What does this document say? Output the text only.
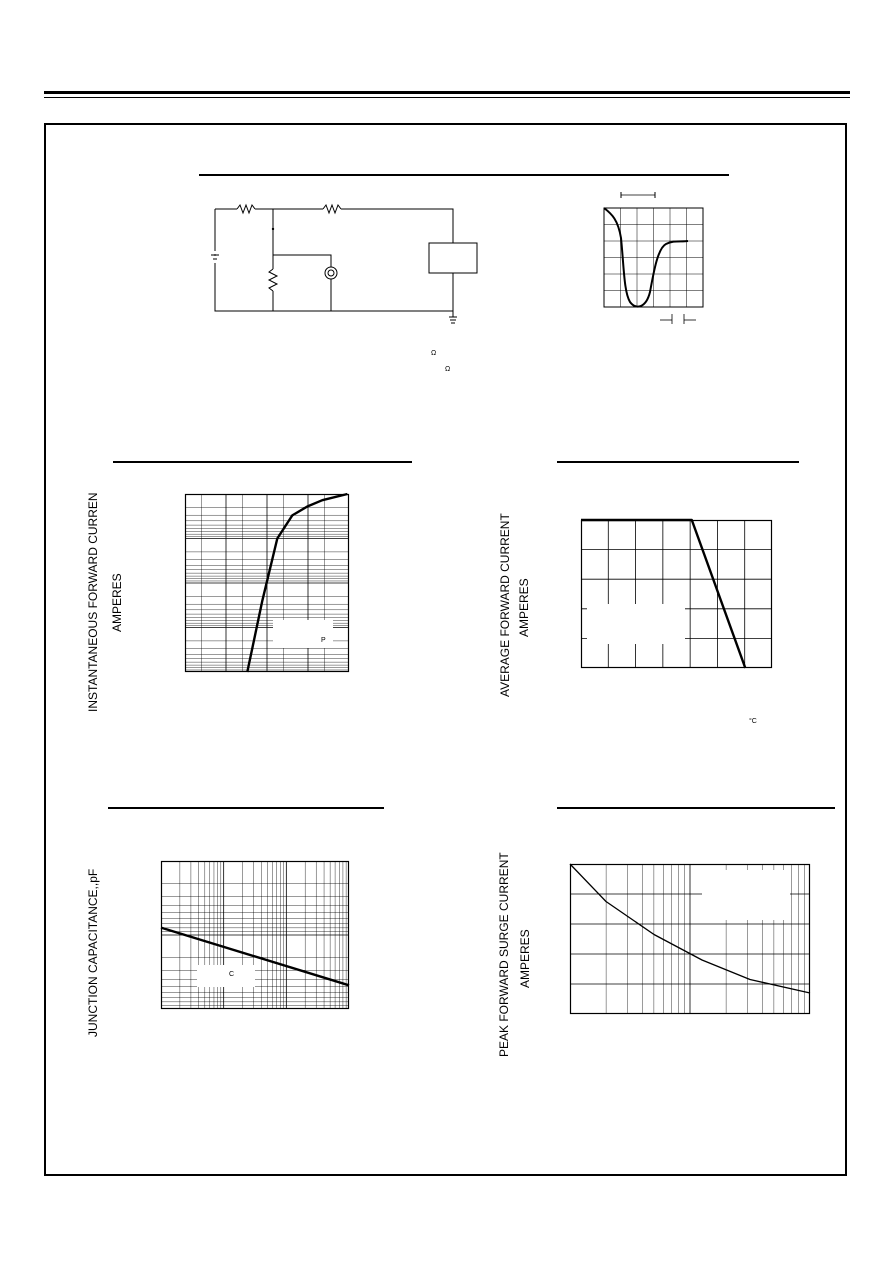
Ω
Ω
P
INSTANTANEOUS FORWARD CURREN AMPERES	AVERAGE FORWARD CURRENT AMPERES
°C
C
JUNCTION CAPACITANCE,,pF	PEAK FORWARD SURGE CURRENT AMPERES
